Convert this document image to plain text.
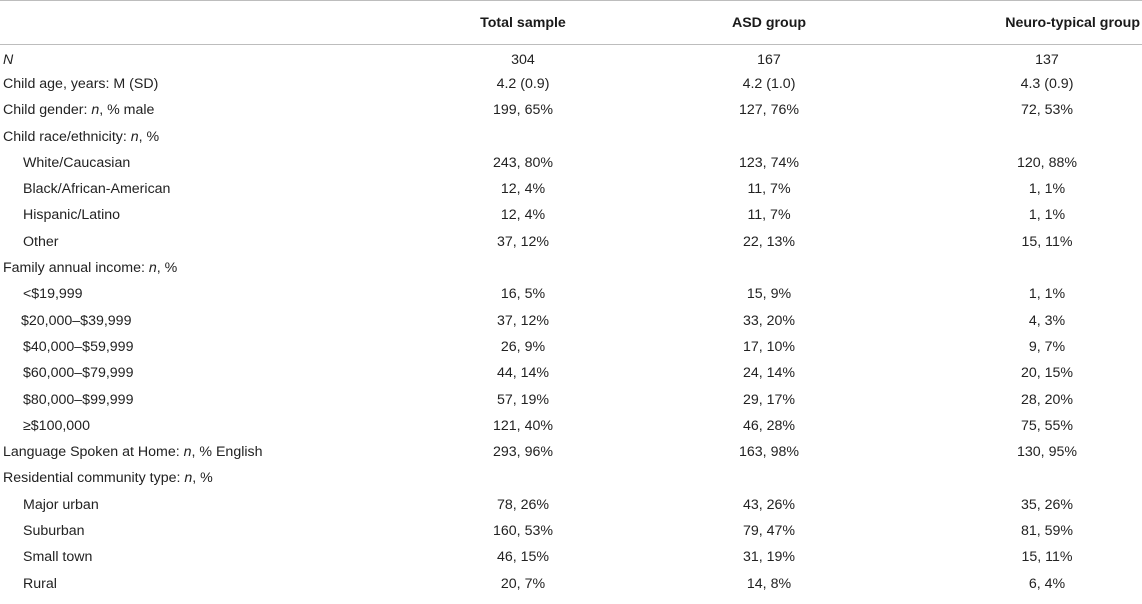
	Total sample	ASD group	Neuro-typical group
N	304	167	137
Child age, years: M (SD)	4.2 (0.9)	4.2 (1.0)	4.3 (0.9)
Child gender: n, % male	199, 65%	127, 76%	72, 53%
Child race/ethnicity: n, %			
White/Caucasian	243, 80%	123, 74%	120, 88%
Black/African-American	12, 4%	11, 7%	1, 1%
Hispanic/Latino	12, 4%	11, 7%	1, 1%
Other	37, 12%	22, 13%	15, 11%
Family annual income: n, %			
<$19,999	16, 5%	15, 9%	1, 1%
$20,000–$39,999	37, 12%	33, 20%	4, 3%
$40,000–$59,999	26, 9%	17, 10%	9, 7%
$60,000–$79,999	44, 14%	24, 14%	20, 15%
$80,000–$99,999	57, 19%	29, 17%	28, 20%
≥$100,000	121, 40%	46, 28%	75, 55%
Language Spoken at Home: n, % English	293, 96%	163, 98%	130, 95%
Residential community type: n, %			
Major urban	78, 26%	43, 26%	35, 26%
Suburban	160, 53%	79, 47%	81, 59%
Small town	46, 15%	31, 19%	15, 11%
Rural	20, 7%	14, 8%	6, 4%
